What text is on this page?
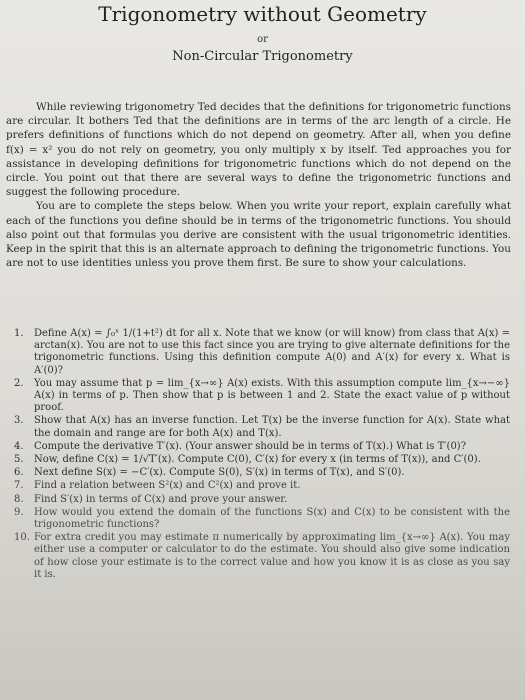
Trigonometry without Geometry
or
Non-Circular Trigonometry

While reviewing trigonometry Ted decides that the definitions for trigonometric functions are circular. It bothers Ted that the definitions are in terms of the arc length of a circle. He prefers definitions of functions which do not depend on geometry. After all, when you define f(x) = x² you do not rely on geometry, you only multiply x by itself. Ted approaches you for assistance in developing definitions for trigonometric functions which do not depend on the circle. You point out that there are several ways to define the trigonometric functions and suggest the following procedure.

You are to complete the steps below. When you write your report, explain carefully what each of the functions you define should be in terms of the trigonometric functions. You should also point out that formulas you derive are consistent with the usual trigonometric identities. Keep in the spirit that this is an alternate approach to defining the trigonometric functions. You are not to use identities unless you prove them first. Be sure to show your calculations.

1. Define A(x) = ∫₀ˣ 1/(1+t²) dt for all x. Note that we know (or will know) from class that A(x) = arctan(x). You are not to use this fact since you are trying to give alternate definitions for the trigonometric functions. Using this definition compute A(0) and A′(x) for every x. What is A′(0)?
2. You may assume that p = lim_{x→∞} A(x) exists. With this assumption compute lim_{x→−∞} A(x) in terms of p. Then show that p is between 1 and 2. State the exact value of p without proof.
3. Show that A(x) has an inverse function. Let T(x) be the inverse function for A(x). State what the domain and range are for both A(x) and T(x).
4. Compute the derivative T′(x). (Your answer should be in terms of T(x).) What is T′(0)?
5. Now, define C(x) = 1/√T′(x). Compute C(0), C′(x) for every x (in terms of T(x)), and C′(0).
6. Next define S(x) = −C′(x). Compute S(0), S′(x) in terms of T(x), and S′(0).
7. Find a relation between S²(x) and C²(x) and prove it.
8. Find S′(x) in terms of C(x) and prove your answer.
9. How would you extend the domain of the functions S(x) and C(x) to be consistent with the trigonometric functions?
10. For extra credit you may estimate π numerically by approximating lim_{x→∞} A(x). You may either use a computer or calculator to do the estimate. You should also give some indication of how close your estimate is to the correct value and how you know it is as close as you say it is.
